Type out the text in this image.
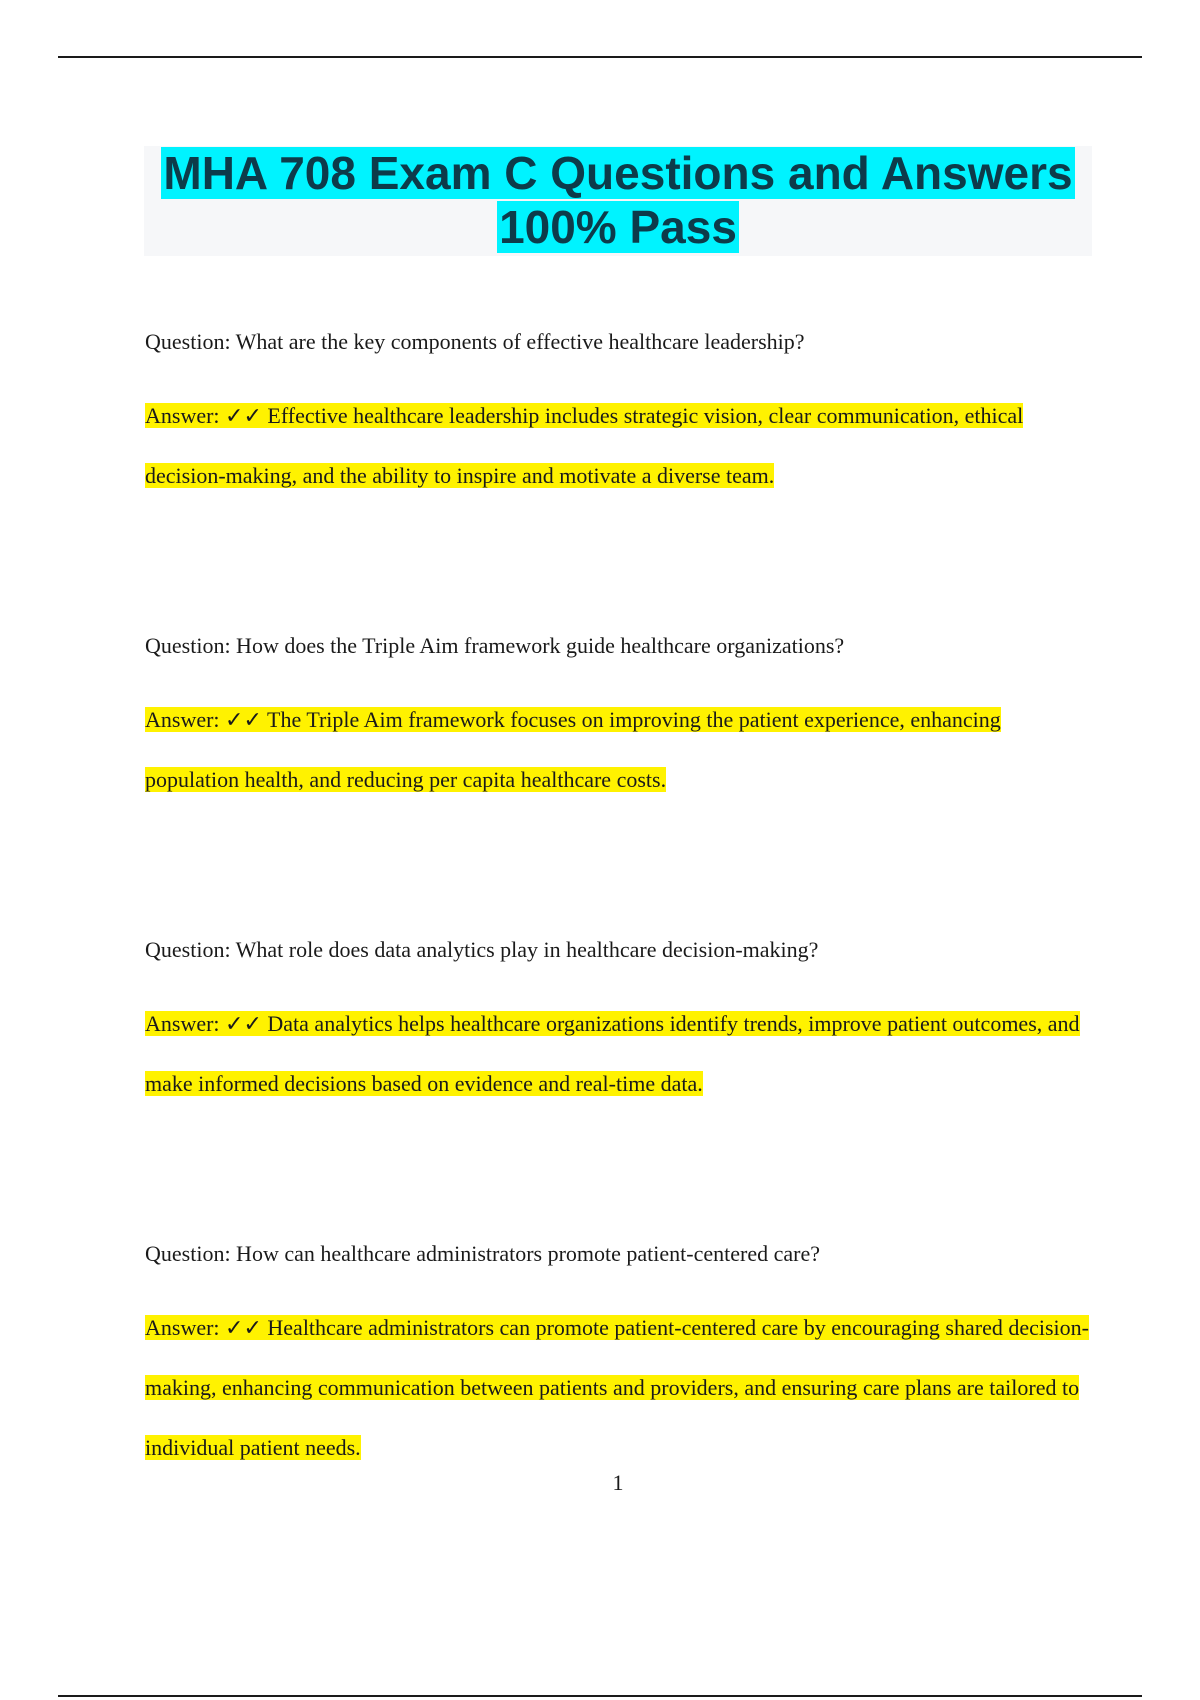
MHA 708 Exam C Questions and Answers 100% Pass

Question: What are the key components of effective healthcare leadership?

Answer: ✓✓ Effective healthcare leadership includes strategic vision, clear communication, ethical decision-making, and the ability to inspire and motivate a diverse team.

Question: How does the Triple Aim framework guide healthcare organizations?

Answer: ✓✓ The Triple Aim framework focuses on improving the patient experience, enhancing population health, and reducing per capita healthcare costs.

Question: What role does data analytics play in healthcare decision-making?

Answer: ✓✓ Data analytics helps healthcare organizations identify trends, improve patient outcomes, and make informed decisions based on evidence and real-time data.

Question: How can healthcare administrators promote patient-centered care?

Answer: ✓✓ Healthcare administrators can promote patient-centered care by encouraging shared decision-making, enhancing communication between patients and providers, and ensuring care plans are tailored to individual patient needs.

1
